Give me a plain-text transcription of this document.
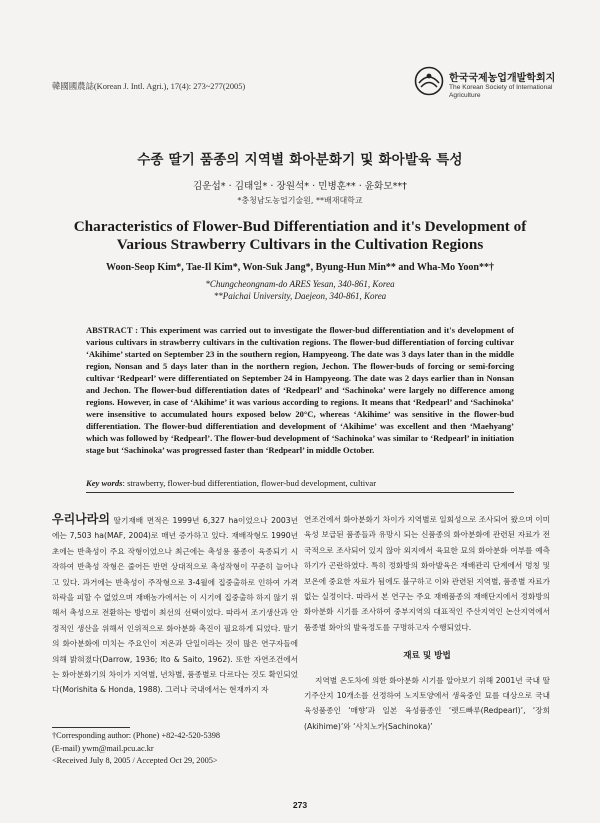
韓國國農誌(Korean J. Intl. Agri.), 17(4): 273~277(2005)
한국국제농업개발학회지
The Korean Society of International Agriculture
수종 딸기 품종의 지역별 화아분화기 및 화아발육 특성
김운섭* · 김태일* · 장원석* · 민병훈** · 윤화모**†
*충청남도농업기술원, **배재대학교
Characteristics of Flower-Bud Differentiation and it's Development of
Various Strawberry Cultivars in the Cultivation Regions
Woon-Seop Kim*, Tae-Il Kim*, Won-Suk Jang*, Byung-Hun Min** and Wha-Mo Yoon**†
*Chungcheongnam-do ARES Yesan, 340-861, Korea
**Paichai University, Daejeon, 340-861, Korea

ABSTRACT : This experiment was carried out to investigate the flower-bud differentiation and it's development of various cultivars in strawberry cultivars in the cultivation regions. The flower-bud differentiation of forcing cultivar ‘Akihime’ started on September 23 in the southern region, Hampyeong. The date was 3 days later than in the middle region, Nonsan and 5 days later than in the northern region, Jechon. The flower-buds of forcing or semi-forcing cultivar ‘Redpearl’ were differentiated on September 24 in Hampyeong. The date was 2 days earlier than in Nonsan and Jechon. The flower-bud differentiation dates of ‘Redpearl’ and ‘Sachinoka’ were largely no difference among regions. However, in case of ‘Akihime’ it was various according to regions. It means that ‘Redpearl’ and ‘Sachinoka’ were insensitive to accumulated hours exposed below 20°C, whereas ‘Akihime’ was sensitive in the flower-bud differentiation. The flower-bud differentiation and development of ‘Akihime’ was excellent and then ‘Maehyang’ which was followed by ‘Redpearl’. The flower-bud development of ‘Sachinoka’ was similar to ‘Redpearl’ in initiation stage but ‘Sachinoka’ was progressed faster than ‘Redpearl’ in middle October.

Key words: strawberry, flower-bud differentiation, flower-bud development, cultivar

우리나라의 딸기재배 면적은 1999년 6,327 ha이었으나 2003년에는 7,503 ha(MAF, 2004)로 매년 증가하고 있다. 재배작형도 1990년 초에는 반촉성이 주요 작형이었으나 최근에는 촉성용 품종이 육종되기 시작하여 반촉성 작형은 줄어든 반면 상대적으로 촉성작형이 꾸준히 늘어나고 있다. 과거에는 반촉성이 주작형으로 3-4월에 집중출하로 인하여 가격 하락을 피할 수 없었으며 재배농가에서는 이 시기에 집중출하 하지 않기 위해서 촉성으로 전환하는 방법이 최선의 선택이었다. 따라서 조기생산과 안정적인 생산을 위해서 인위적으로 화아분화 촉진이 필요하게 되었다. 딸기의 화아분화에 미치는 주요인이 저온과 단일이라는 것이 많은 연구자들에 의해 밝혀졌다(Darrow, 1936; Ito & Saito, 1962). 또한 자연조건에서는 화아분화기의 차이가 지역별, 년차별, 품종별로 다르다는 것도 확인되었다(Morishita & Honda, 1988). 그러나 국내에서는 현재까지 자

연조건에서 화아분화기 차이가 지역별로 일회성으로 조사되어 왔으며 이미 육성 보급된 품종들과 유망시 되는 신품종의 화아분화에 관련된 자료가 전국적으로 조사되어 있지 않아 외지에서 육묘한 묘의 화아분화 여부를 예측하기가 곤란하였다. 특히 정화방의 화아발육은 재배관리 단계에서 멍칭 및 보온에 중요한 자료가 됨에도 불구하고 이와 관련된 지역별, 품종별 자료가 없는 실정이다. 따라서 본 연구는 주요 재배품종의 재배단지에서 정화방의 화아분화 시기를 조사하여 중부지역의 대표적인 주산지역인 논산지역에서 품종별 화아의 발육정도를 구명하고자 수행되었다.

재료 및 방법

지역별 온도차에 의한 화아분화 시기를 알아보기 위해 2001년 국내 딸기주산지 10개소를 선정하여 노지토양에서 생육중인 묘를 대상으로 국내 육성품종인 ‘매향’과 일본 육성품종인 ‘렛드빠루(Redpearl)’, ‘장희(Akihime)’와 ‘사치노카(Sachinoka)’

†Corresponding author: (Phone) +82-42-520-5398
(E-mail) ywm@mail.pcu.ac.kr
<Received July 8, 2005 / Accepted Oct 29, 2005>
273
